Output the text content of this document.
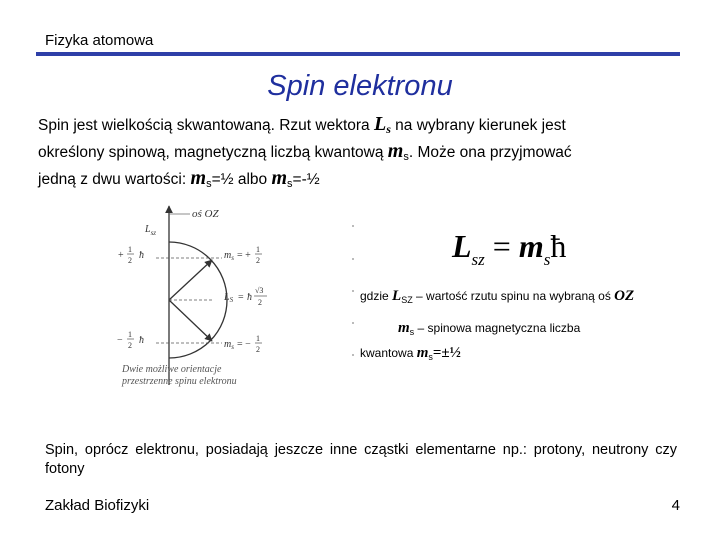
Fizyka atomowa
Spin elektronu
Spin jest wielkością skwantowaną. Rzut wektora $L_s$ na wybrany kierunek jest
określony spinową, magnetyczną liczbą kwantową $m_s$. Może ona przyjmować
jedną z dwu wartości: $m_s=\frac{1}{2}$ albo $m_s=-\frac{1}{2}$
oś OZ
$L_{sz}$
+
1
2 ħ
−
1
2 ħ
$m_s$ = +
1
2
$m_s$ = −
1
2
$L_S$ = ħ
√3
2
Dwie możliwe orientacje
przestrzenne spinu elektronu
$L_{sz}$ = $m_sħ$
gdzie $L_{SZ}$ – wartość rzutu spinu na wybraną oś OZ
$m_s$ – spinowa magnetyczna liczba
kwantowa $m_s=\pm\frac{1}{2}$
Spin, oprócz elektronu, posiadają jeszcze inne cząstki elementarne np.: protony, neutrony czy fotony
Zakład Biofizyki	4
